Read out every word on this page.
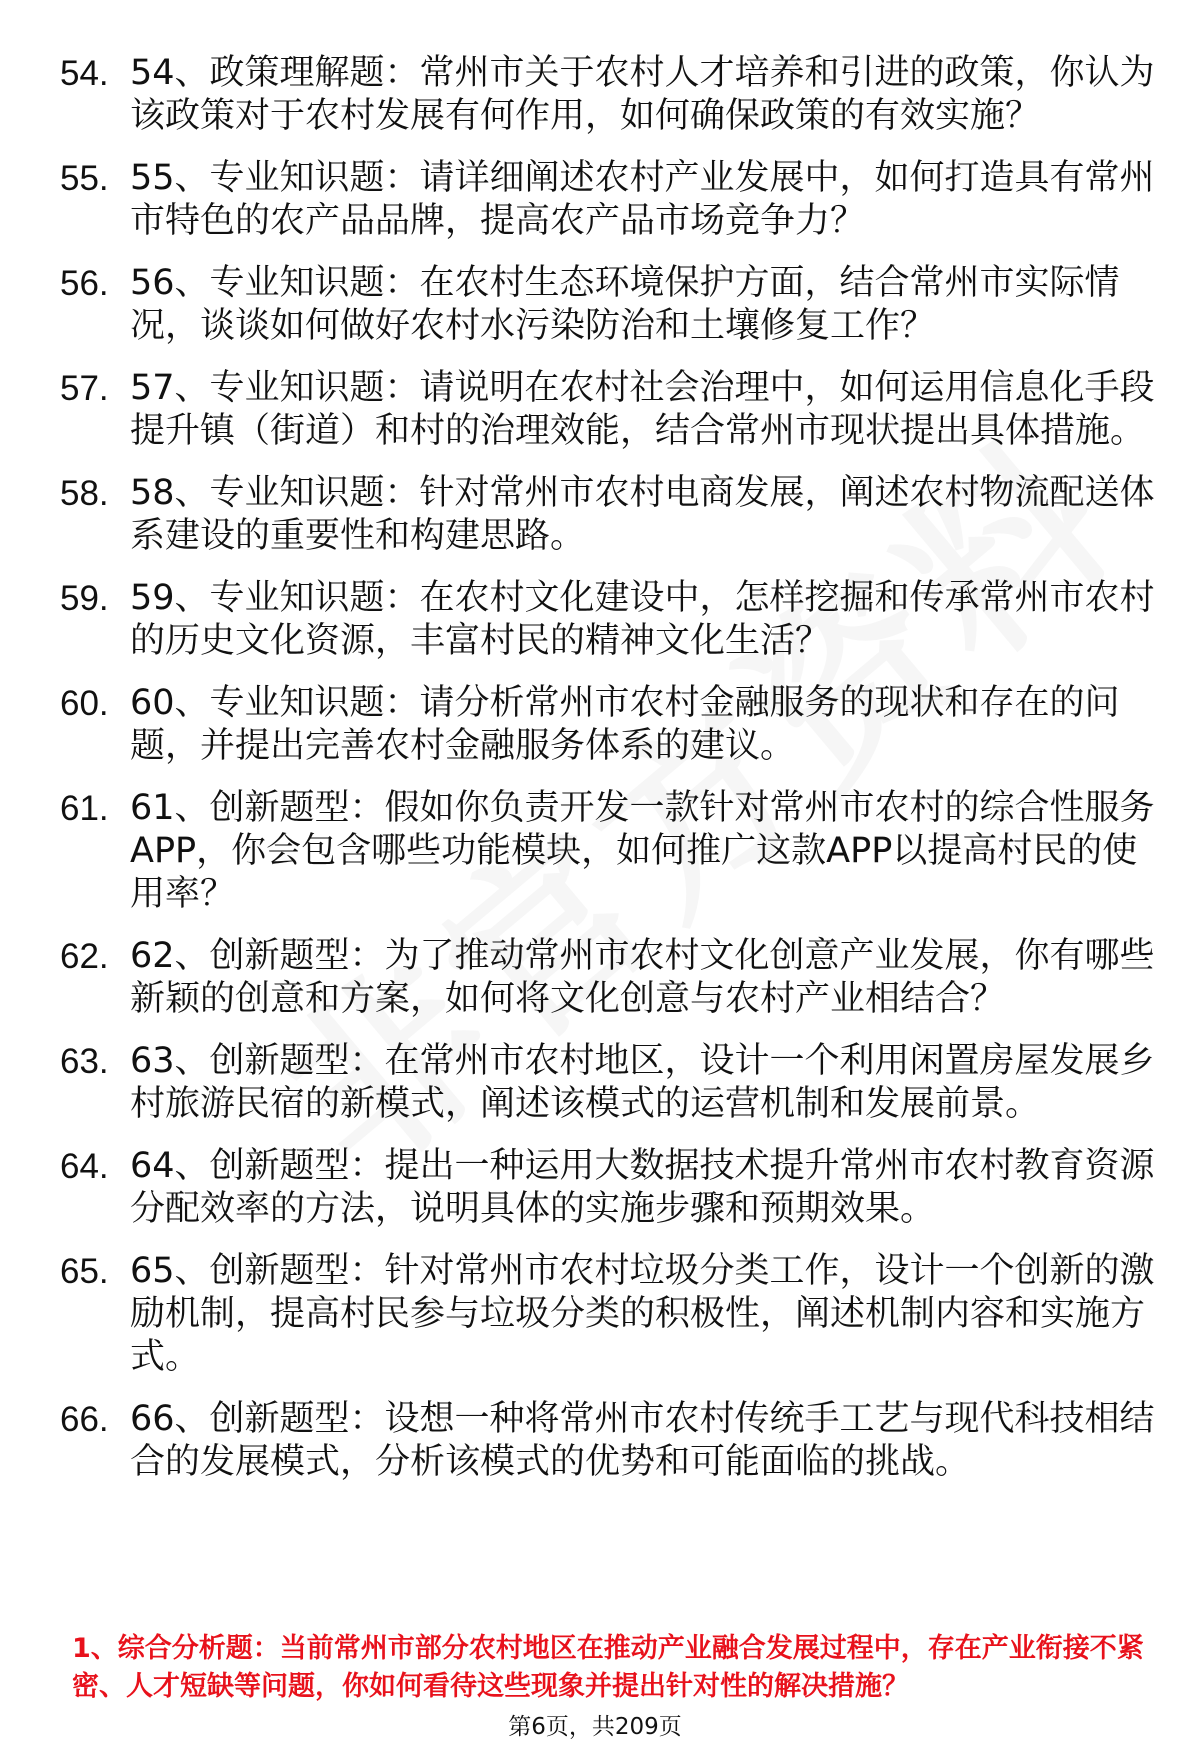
54. 54、政策理解题：常州市关于农村人才培养和引进的政策，你认为该政策对于农村发展有何作用，如何确保政策的有效实施？
55. 55、专业知识题：请详细阐述农村产业发展中，如何打造具有常州市特色的农产品品牌，提高农产品市场竞争力？
56. 56、专业知识题：在农村生态环境保护方面，结合常州市实际情况，谈谈如何做好农村水污染防治和土壤修复工作？
57. 57、专业知识题：请说明在农村社会治理中，如何运用信息化手段提升镇（街道）和村的治理效能，结合常州市现状提出具体措施。
58. 58、专业知识题：针对常州市农村电商发展，阐述农村物流配送体系建设的重要性和构建思路。
59. 59、专业知识题：在农村文化建设中，怎样挖掘和传承常州市农村的历史文化资源，丰富村民的精神文化生活？
60. 60、专业知识题：请分析常州市农村金融服务的现状和存在的问题，并提出完善农村金融服务体系的建议。
61. 61、创新题型：假如你负责开发一款针对常州市农村的综合性服务APP，你会包含哪些功能模块，如何推广这款APP以提高村民的使用率？
62. 62、创新题型：为了推动常州市农村文化创意产业发展，你有哪些新颖的创意和方案，如何将文化创意与农村产业相结合？
63. 63、创新题型：在常州市农村地区，设计一个利用闲置房屋发展乡村旅游民宿的新模式，阐述该模式的运营机制和发展前景。
64. 64、创新题型：提出一种运用大数据技术提升常州市农村教育资源分配效率的方法，说明具体的实施步骤和预期效果。
65. 65、创新题型：针对常州市农村垃圾分类工作，设计一个创新的激励机制，提高村民参与垃圾分类的积极性，阐述机制内容和实施方式。
66. 66、创新题型：设想一种将常州市农村传统手工艺与现代科技相结合的发展模式，分析该模式的优势和可能面临的挑战。

1、综合分析题：当前常州市部分农村地区在推动产业融合发展过程中，存在产业衔接不紧密、人才短缺等问题，你如何看待这些现象并提出针对性的解决措施？

第6页，共209页
